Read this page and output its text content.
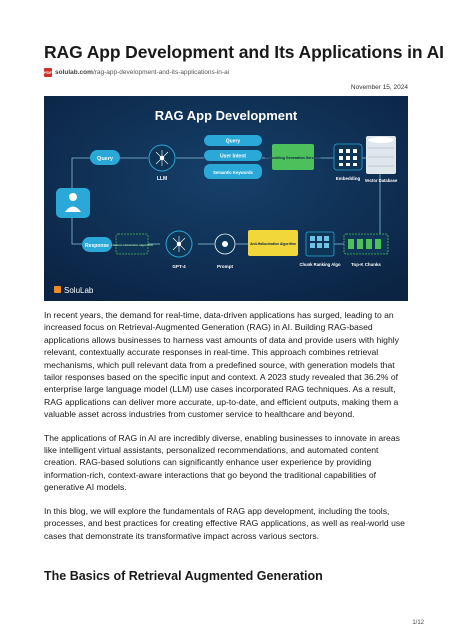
RAG App Development and Its Applications in AI
PDF solulab.com/rag-app-development-and-its-applications-in-ai
November 15, 2024
RAG App Development
Query
LLM
Query
User Intent
Semantic Keywords
Embedding Generation Services
Embedding Vector Database
Response citation calculation algorithm
GPT-4	Prompt
Anti-Hallucination Algorithm
Chunk Ranking Algo Top-K Chunks
SoluLab

In recent years, the demand for real-time, data-driven applications has surged, leading to an increased focus on Retrieval-Augmented Generation (RAG) in AI. Building RAG-based applications allows businesses to harness vast amounts of data and provide users with highly relevant, contextually accurate responses in real-time. This approach combines retrieval mechanisms, which pull relevant data from a predefined source, with generation models that tailor responses based on the specific input and context. A 2023 study revealed that 36.2% of enterprise large language model (LLM) use cases incorporated RAG techniques. As a result, RAG applications can deliver more accurate, up-to-date, and efficient outputs, making them a valuable asset across industries from customer service to healthcare and beyond.

The applications of RAG in AI are incredibly diverse, enabling businesses to innovate in areas like intelligent virtual assistants, personalized recommendations, and automated content creation. RAG-based solutions can significantly enhance user experience by providing information-rich, context-aware interactions that go beyond the traditional capabilities of generative AI models.

In this blog, we will explore the fundamentals of RAG app development, including the tools, processes, and best practices for creating effective RAG applications, as well as real-world use cases that demonstrate its transformative impact across various sectors.

The Basics of Retrieval Augmented Generation
1/12
